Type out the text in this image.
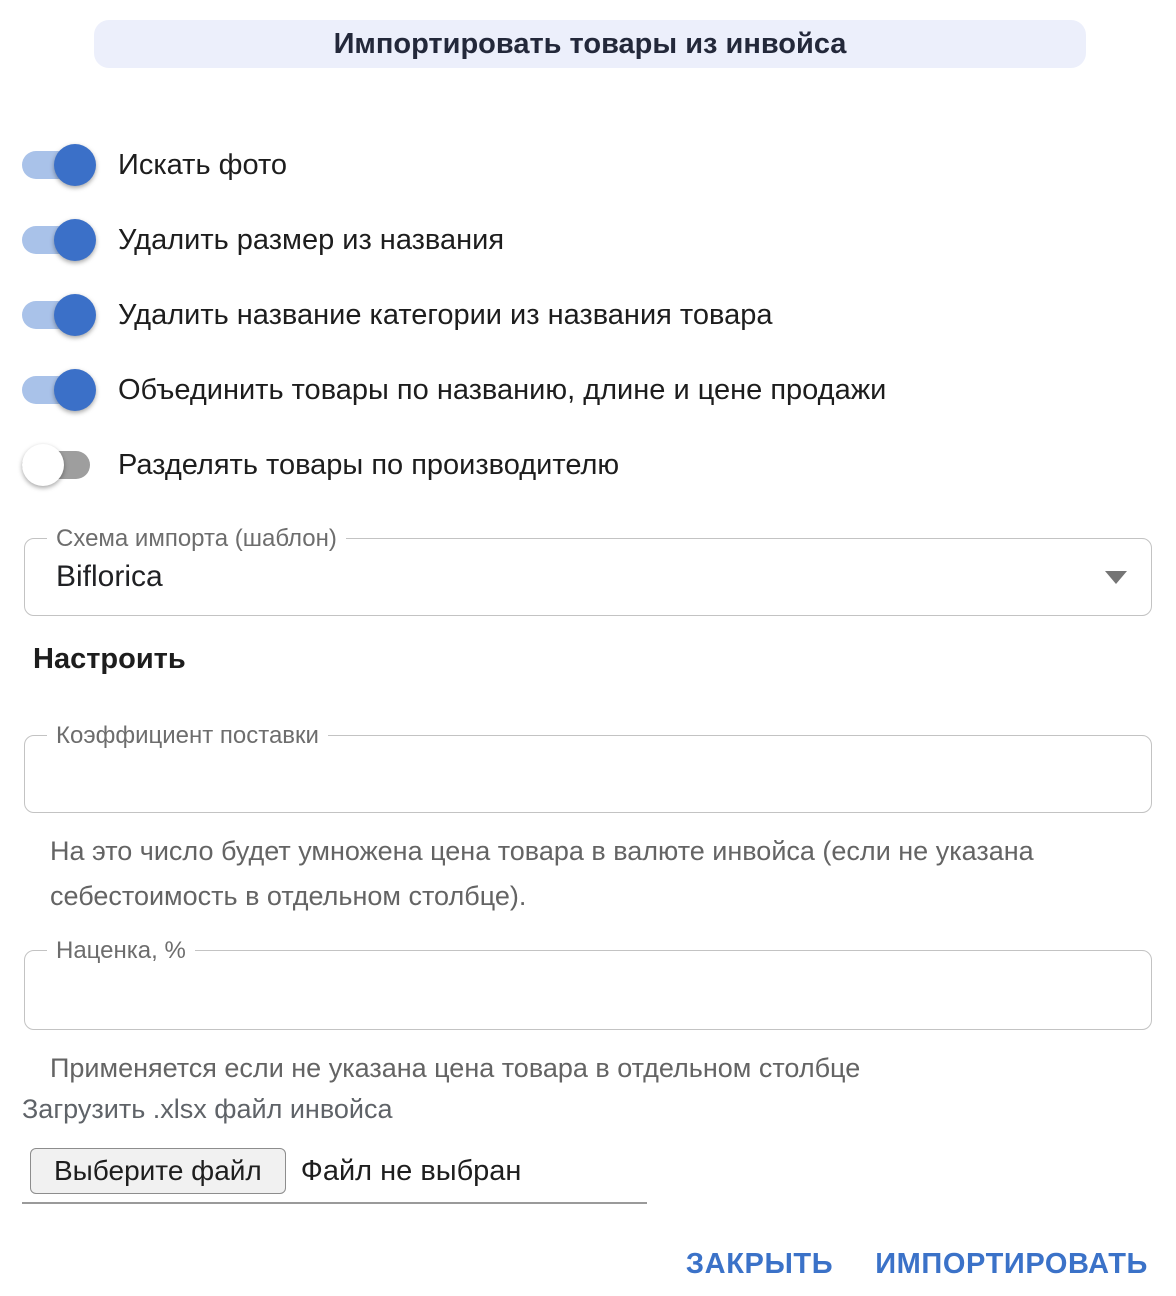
Импортировать товары из инвойса
Искать фото
Удалить размер из названия
Удалить название категории из названия товара
Объединить товары по названию, длине и цене продажи
Разделять товары по производителю
Схема импорта (шаблон)
Biflorica
Настроить
Коэффициент поставки
На это число будет умножена цена товара в валюте инвойса (если не указана себестоимость в отдельном столбце).
Наценка, %
Применяется если не указана цена товара в отдельном столбце
Загрузить .xlsx файл инвойса
Выберите файл	Файл не выбран
ЗАКРЫТЬ ИМПОРТИРОВАТЬ
